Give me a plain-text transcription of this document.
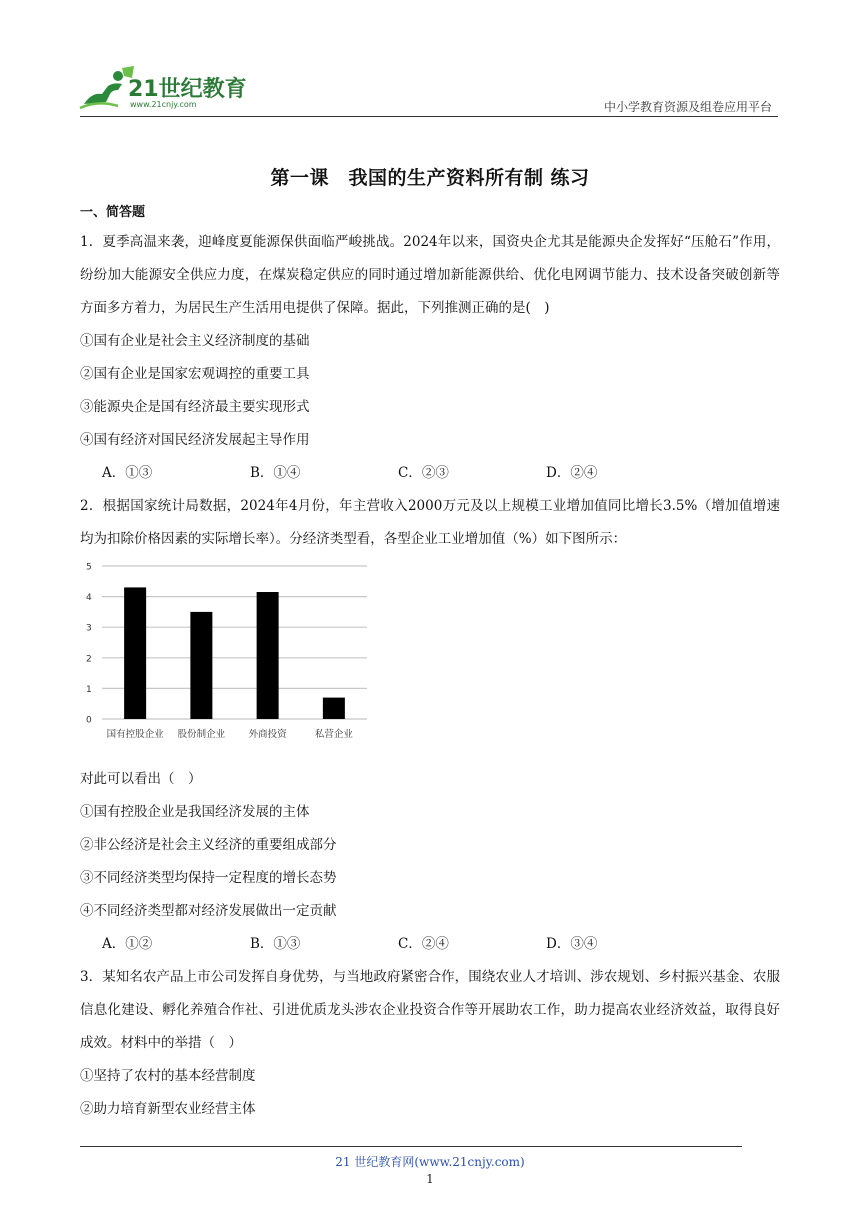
21世纪教育
www.21cnjy.com	中小学教育资源及组卷应用平台
第一课　我国的生产资料所有制 练习
一、简答题
1．夏季高温来袭，迎峰度夏能源保供面临严峻挑战。2024年以来，国资央企尤其是能源央企发挥好“压舱石”作用，纷纷加大能源安全供应力度，在煤炭稳定供应的同时通过增加新能源供给、优化电网调节能力、技术设备突破创新等方面多方着力，为居民生产生活用电提供了保障。据此，下列推测正确的是(　)
①国有企业是社会主义经济制度的基础
②国有企业是国家宏观调控的重要工具
③能源央企是国有经济最主要实现形式
④国有经济对国民经济发展起主导作用
A．①③	B．①④	C．②③	D．②④
2．根据国家统计局数据，2024年4月份，年主营收入2000万元及以上规模工业增加值同比增长3.5%（增加值增速均为扣除价格因素的实际增长率）。分经济类型看，各型企业工业增加值（%）如下图所示：
0
1
2
3
4
5
国有控股企业 股份制企业 外商投资	私营企业
对此可以看出（　）
①国有控股企业是我国经济发展的主体
②非公经济是社会主义经济的重要组成部分
③不同经济类型均保持一定程度的增长态势
④不同经济类型都对经济发展做出一定贡献
A．①②	B．①③	C．②④	D．③④
3．某知名农产品上市公司发挥自身优势，与当地政府紧密合作，围绕农业人才培训、涉农规划、乡村振兴基金、农服信息化建设、孵化养殖合作社、引进优质龙头涉农企业投资合作等开展助农工作，助力提高农业经济效益，取得良好成效。材料中的举措（　）
①坚持了农村的基本经营制度
②助力培育新型农业经营主体
21 世纪教育网(www.21cnjy.com)
1
